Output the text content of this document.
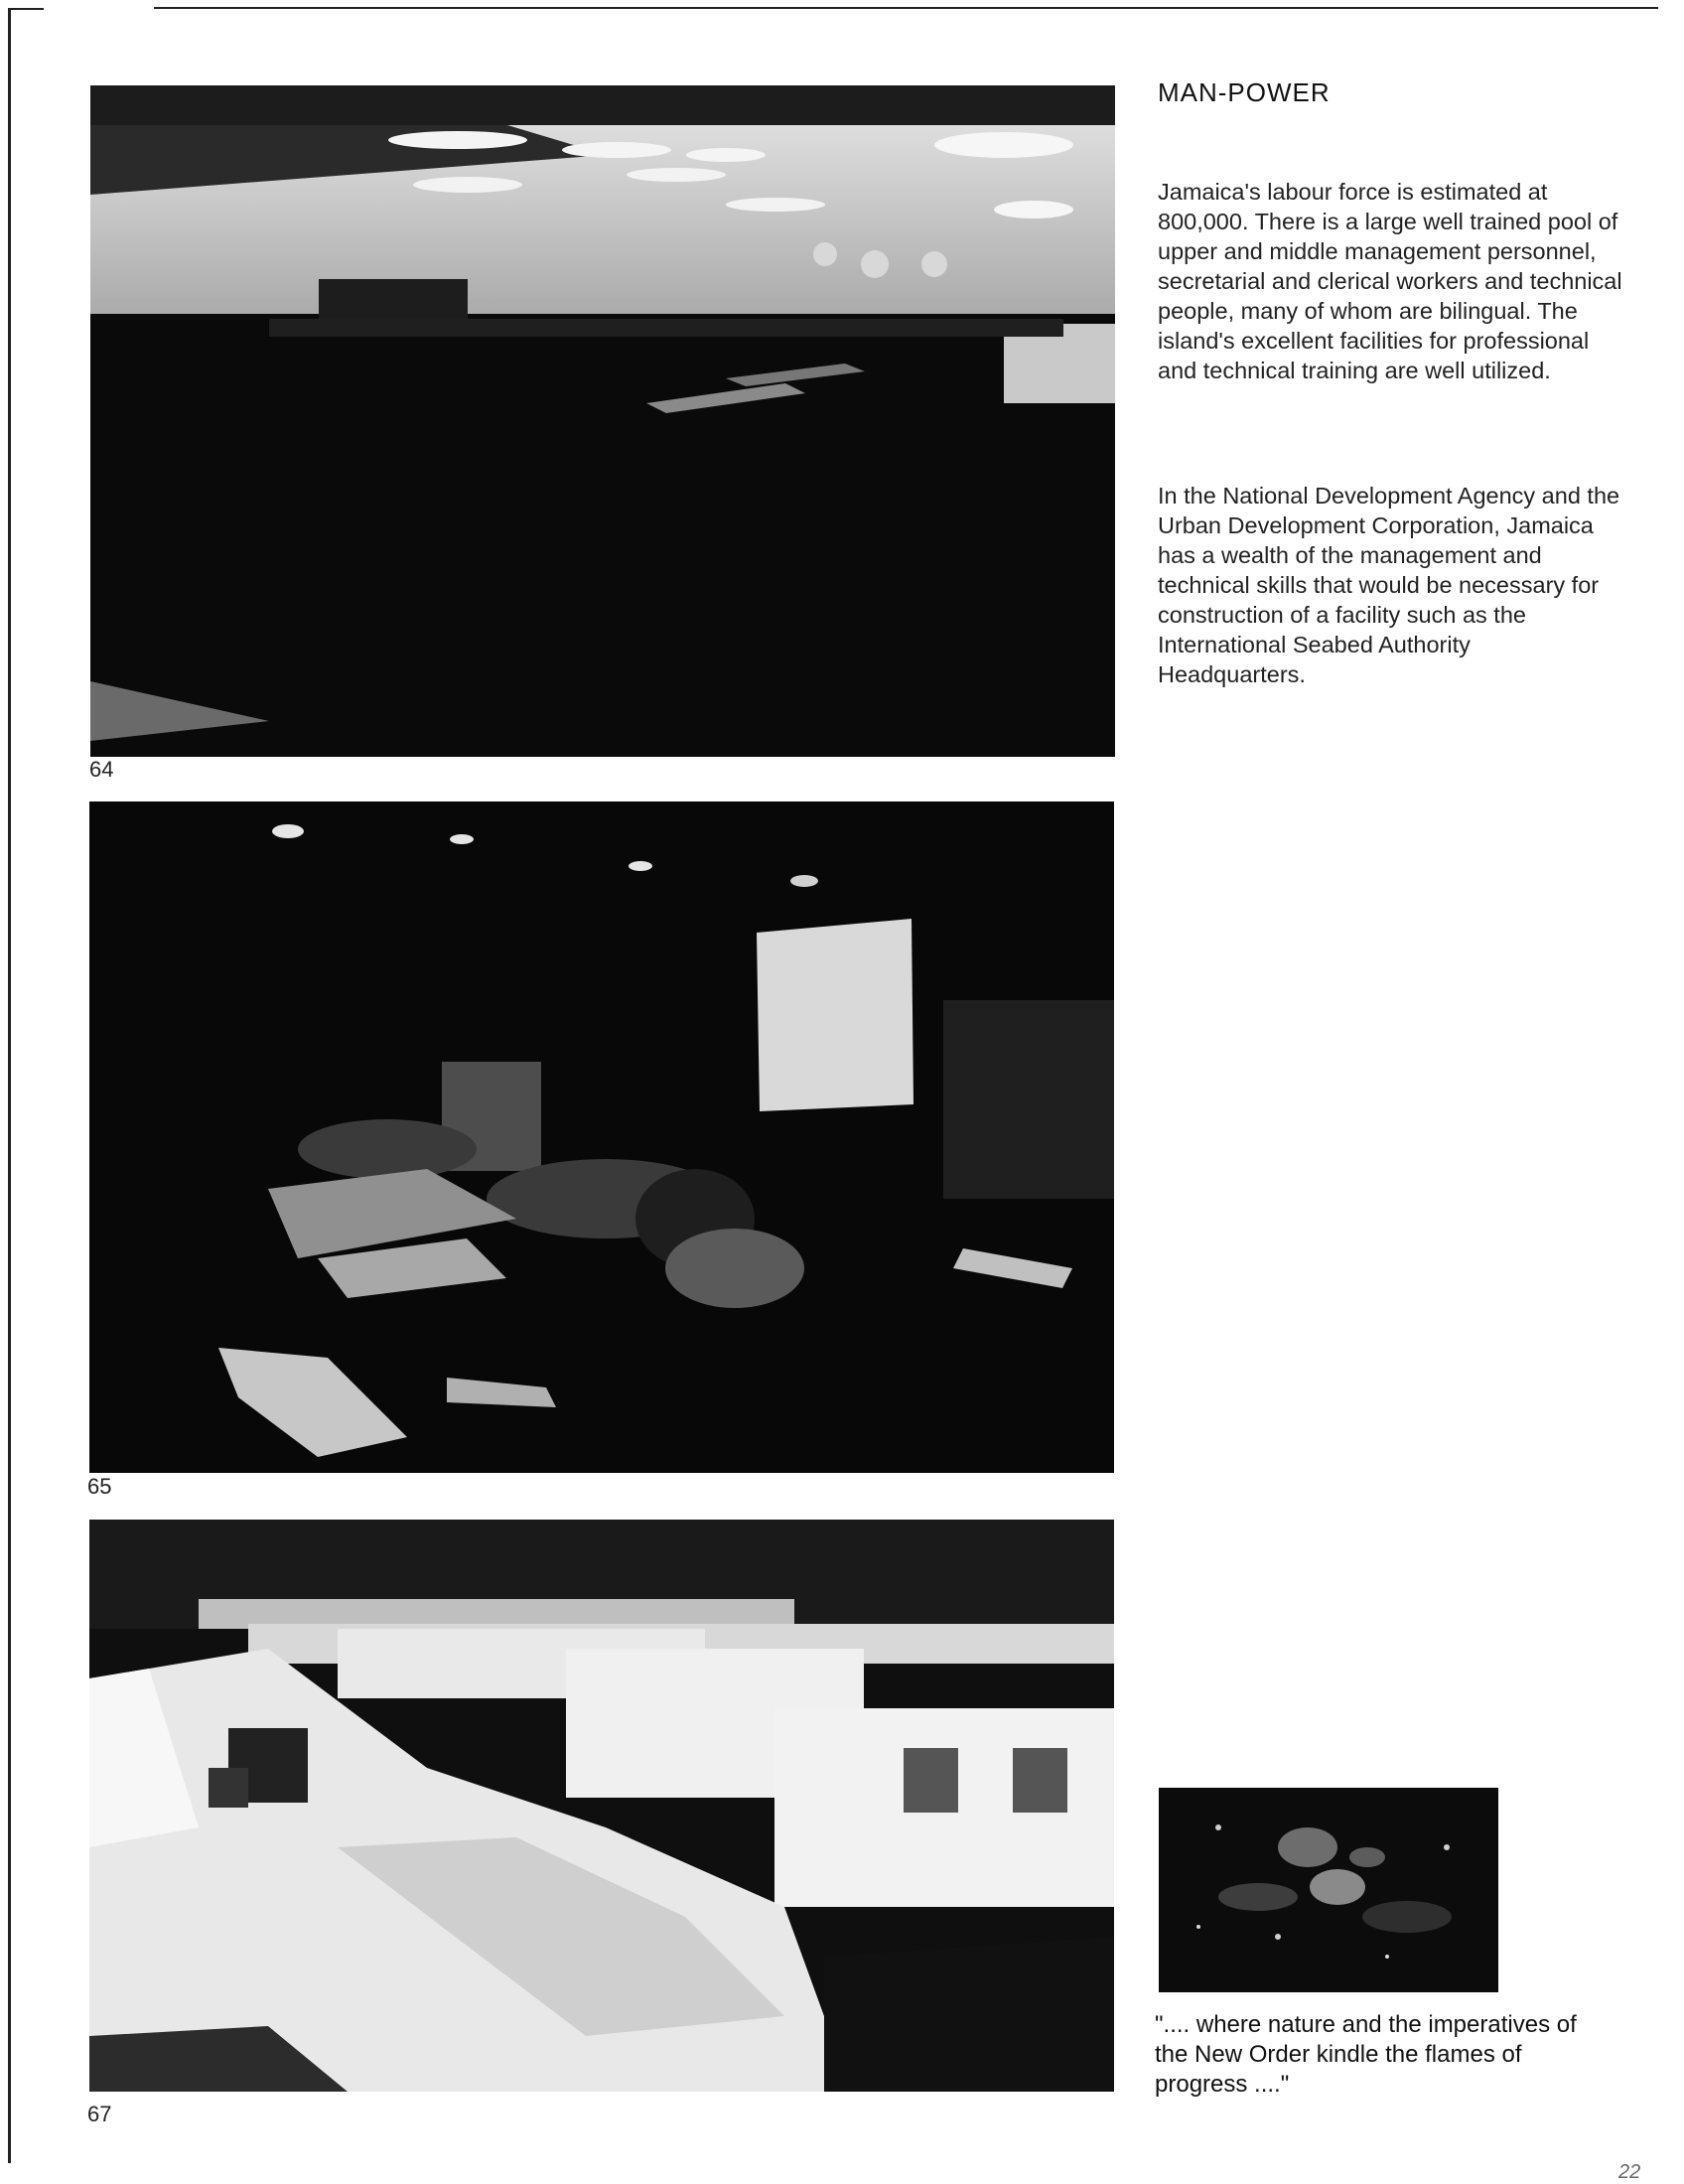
64
65
67
MAN-POWER

Jamaica's labour force is estimated at 800,000. There is a large well trained pool of upper and middle management personnel, secretarial and clerical workers and technical people, many of whom are bilingual. The island's excellent facilities for professional and technical training are well utilized.

In the National Development Agency and the Urban Development Corporation, Jamaica has a wealth of the management and technical skills that would be necessary for construction of a facility such as the International Seabed Authority Headquarters.

".... where nature and the imperatives of the New Order kindle the flames of progress ...."

22
